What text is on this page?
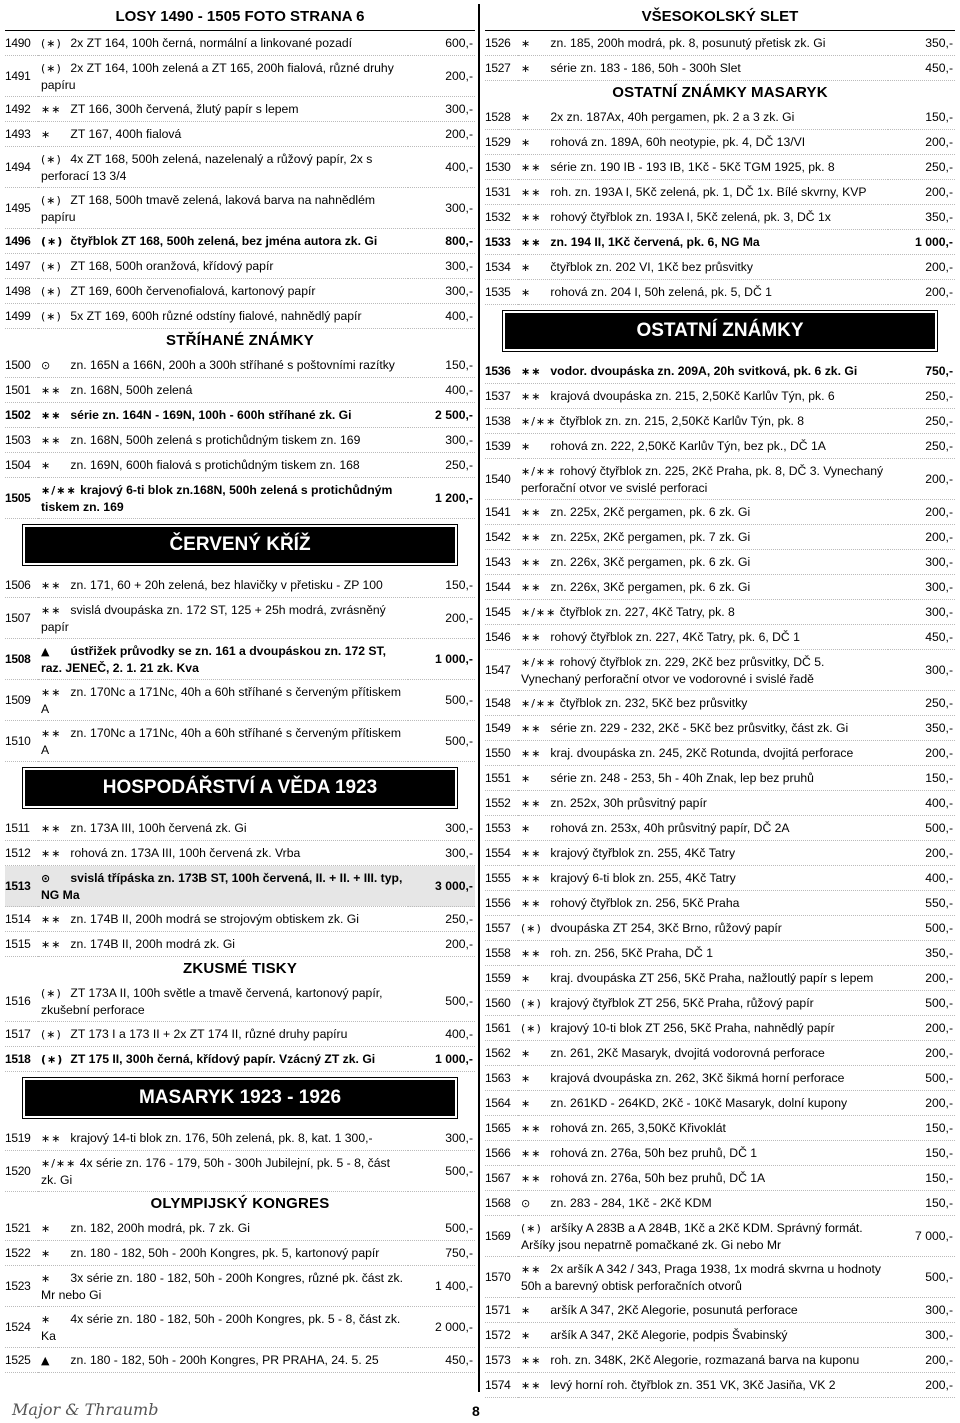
LOSY 1490 - 1505 FOTO STRANA 6
1490	(∗) 2x ZT 164, 100h černá, normální a linkované pozadí	600,-
1491	(∗) 2x ZT 164, 100h zelená a ZT 165, 200h fialová, různé druhy papíru	200,-
1492	∗∗ ZT 166, 300h červená, žlutý papír s lepem	300,-
1493	∗ ZT 167, 400h fialová	200,-
1494	(∗) 4x ZT 168, 500h zelená, nazelenalý a růžový papír, 2x s perforací 13 3/4	400,-
1495	(∗) ZT 168, 500h tmavě zelená, laková barva na nahnědlém papíru	300,-
1496	(∗) čtyřblok ZT 168, 500h zelená, bez jména autora zk. Gi	800,-
1497	(∗) ZT 168, 500h oranžová, křídový papír	300,-
1498	(∗) ZT 169, 600h červenofialová, kartonový papír	300,-
1499	(∗) 5x ZT 169, 600h různé odstíny fialové, nahnědlý papír	400,-
STŘÍHANÉ ZNÁMKY
1500	⊙ zn. 165N a 166N, 200h a 300h stříhané s poštovními razítky	150,-
1501	∗∗ zn. 168N, 500h zelená	400,-
1502	∗∗ série zn. 164N - 169N, 100h - 600h stříhané zk. Gi	2 500,-
1503	∗∗ zn. 168N, 500h zelená s protichůdným tiskem zn. 169	300,-
1504	∗ zn. 169N, 600h fialová s protichůdným tiskem zn. 168	250,-
1505	∗/∗∗ krajový 6-ti blok zn.168N, 500h zelená s protichůdným tiskem zn. 169	1 200,-
ČERVENÝ KŘÍŽ
1506	∗∗ zn. 171, 60 + 20h zelená, bez hlavičky v přetisku - ZP 100	150,-
1507	∗∗ svislá dvoupáska zn. 172 ST, 125 + 25h modrá, zvrásněný papír	200,-
1508	▲ ústřižek průvodky se zn. 161 a dvoupáskou zn. 172 ST, raz. JENEČ, 2. 1. 21 zk. Kva	1 000,-
1509	∗∗ zn. 170Nc a 171Nc, 40h a 60h stříhané s červeným přítiskem A	500,-
1510	∗∗ zn. 170Nc a 171Nc, 40h a 60h stříhané s červeným přítiskem A	500,-
HOSPODÁŘSTVÍ A VĚDA 1923
1511	∗∗ zn. 173A III, 100h červená zk. Gi	300,-
1512	∗∗ rohová zn. 173A III, 100h červená zk. Vrba	300,-
1513	⊙ svislá třípáska zn. 173B ST, 100h červená, II. + II. + III. typ, NG Ma	3 000,-
1514	∗∗ zn. 174B II, 200h modrá se strojovým obtiskem zk. Gi	250,-
1515	∗∗ zn. 174B II, 200h modrá zk. Gi	200,-
ZKUSMÉ TISKY
1516	(∗) ZT 173A II, 100h světle a tmavě červená, kartonový papír, zkušební perforace	500,-
1517	(∗) ZT 173 I a 173 II + 2x ZT 174 II, různé druhy papíru	400,-
1518	(∗) ZT 175 II, 300h černá, křídový papír. Vzácný ZT zk. Gi	1 000,-
MASARYK 1923 - 1926
1519	∗∗ krajový 14-ti blok zn. 176, 50h zelená, pk. 8, kat. 1 300,-	300,-
1520	∗/∗∗ 4x série zn. 176 - 179, 50h - 300h Jubilejní, pk. 5 - 8, část zk. Gi	500,-
OLYMPIJSKÝ KONGRES
1521	∗ zn. 182, 200h modrá, pk. 7 zk. Gi	500,-
1522	∗ zn. 180 - 182, 50h - 200h Kongres, pk. 5, kartonový papír	750,-
1523	∗ 3x série zn. 180 - 182, 50h - 200h Kongres, různé pk. část zk. Mr nebo Gi	1 400,-
1524	∗ 4x série zn. 180 - 182, 50h - 200h Kongres, pk. 5 - 8, část zk. Ka	2 000,-
1525	▲ zn. 180 - 182, 50h - 200h Kongres, PR PRAHA, 24. 5. 25	450,-
VŠESOKOLSKÝ SLET
1526	∗ zn. 185, 200h modrá, pk. 8, posunutý přetisk zk. Gi	350,-
1527	∗ série zn. 183 - 186, 50h - 300h Slet	450,-
OSTATNÍ ZNÁMKY MASARYK
1528	∗ 2x zn. 187Ax, 40h pergamen, pk. 2 a 3 zk. Gi	150,-
1529	∗ rohová zn. 189A, 60h neotypie, pk. 4, DČ 13/VI	200,-
1530	∗∗ série zn. 190 IB - 193 IB, 1Kč - 5Kč TGM 1925, pk. 8	250,-
1531	∗∗ roh. zn. 193A I, 5Kč zelená, pk. 1, DČ 1x. Bílé skvrny, KVP	200,-
1532	∗∗ rohový čtyřblok zn. 193A I, 5Kč zelená, pk. 3, DČ 1x	350,-
1533	∗∗ zn. 194 II, 1Kč červená, pk. 6, NG Ma	1 000,-
1534	∗ čtyřblok zn. 202 VI, 1Kč bez průsvitky	200,-
1535	∗ rohová zn. 204 I, 50h zelená, pk. 5, DČ 1	200,-
OSTATNÍ ZNÁMKY
1536	∗∗ vodor. dvoupáska zn. 209A, 20h svitková, pk. 6 zk. Gi	750,-
1537	∗∗ krajová dvoupáska zn. 215, 2,50Kč Karlův Týn, pk. 6	250,-
1538	∗/∗∗ čtyřblok zn. zn. 215, 2,50Kč Karlův Týn, pk. 8	250,-
1539	∗ rohová zn. 222, 2,50Kč Karlův Týn, bez pk., DČ 1A	250,-
1540	∗/∗∗ rohový čtyřblok zn. 225, 2Kč Praha, pk. 8, DČ 3. Vynechaný perforační otvor ve svislé perforaci	200,-
1541	∗∗ zn. 225x, 2Kč pergamen, pk. 6 zk. Gi	200,-
1542	∗∗ zn. 225x, 2Kč pergamen, pk. 7 zk. Gi	200,-
1543	∗∗ zn. 226x, 3Kč pergamen, pk. 6 zk. Gi	300,-
1544	∗∗ zn. 226x, 3Kč pergamen, pk. 6 zk. Gi	300,-
1545	∗/∗∗ čtyřblok zn. 227, 4Kč Tatry, pk. 8	300,-
1546	∗∗ rohový čtyřblok zn. 227, 4Kč Tatry, pk. 6, DČ 1	450,-
1547	∗/∗∗ rohový čtyřblok zn. 229, 2Kč bez průsvitky, DČ 5. Vynechaný perforační otvor ve vodorovné i svislé řadě	300,-
1548	∗/∗∗ čtyřblok zn. 232, 5Kč bez průsvitky	250,-
1549	∗∗ série zn. 229 - 232, 2Kč - 5Kč bez průsvitky, část zk. Gi	350,-
1550	∗∗ kraj. dvoupáska zn. 245, 2Kč Rotunda, dvojitá perforace	200,-
1551	∗ série zn. 248 - 253, 5h - 40h Znak, lep bez pruhů	150,-
1552	∗∗ zn. 252x, 30h průsvitný papír	400,-
1553	∗ rohová zn. 253x, 40h průsvitný papír, DČ 2A	500,-
1554	∗∗ krajový čtyřblok zn. 255, 4Kč Tatry	200,-
1555	∗∗ krajový 6-ti blok zn. 255, 4Kč Tatry	400,-
1556	∗∗ rohový čtyřblok zn. 256, 5Kč Praha	550,-
1557	(∗) dvoupáska ZT 254, 3Kč Brno, růžový papír	500,-
1558	∗∗ roh. zn. 256, 5Kč Praha, DČ 1	350,-
1559	∗ kraj. dvoupáska ZT 256, 5Kč Praha, nažloutlý papír s lepem	200,-
1560	(∗) krajový čtyřblok ZT 256, 5Kč Praha, růžový papír	500,-
1561	(∗) krajový 10-ti blok ZT 256, 5Kč Praha, nahnědlý papír	200,-
1562	∗ zn. 261, 2Kč Masaryk, dvojitá vodorovná perforace	200,-
1563	∗ krajová dvoupáska zn. 262, 3Kč šikmá horní perforace	500,-
1564	∗ zn. 261KD - 264KD, 2Kč - 10Kč Masaryk, dolní kupony	200,-
1565	∗∗ rohová zn. 265, 3,50Kč Křivoklát	150,-
1566	∗∗ rohová zn. 276a, 50h bez pruhů, DČ 1	150,-
1567	∗∗ rohová zn. 276a, 50h bez pruhů, DČ 1A	150,-
1568	⊙ zn. 283 - 284, 1Kč - 2Kč KDM	150,-
1569	(∗) aršíky A 283B a A 284B, 1Kč a 2Kč KDM. Správný formát. Aršíky jsou nepatrně pomačkané zk. Gi nebo Mr	7 000,-
1570	∗∗ 2x aršík A 342 / 343, Praga 1938, 1x modrá skvrna u hodnoty 50h a barevný obtisk perforačních otvorů	500,-
1571	∗ aršík A 347, 2Kč Alegorie, posunutá perforace	300,-
1572	∗ aršík A 347, 2Kč Alegorie, podpis Švabinský	300,-
1573	∗∗ roh. zn. 348K, 2Kč Alegorie, rozmazaná barva na kuponu	200,-
1574	∗∗ levý horní roh. čtyřblok zn. 351 VK, 3Kč Jasiňa, VK 2	200,-
Major & Thraumb	8
